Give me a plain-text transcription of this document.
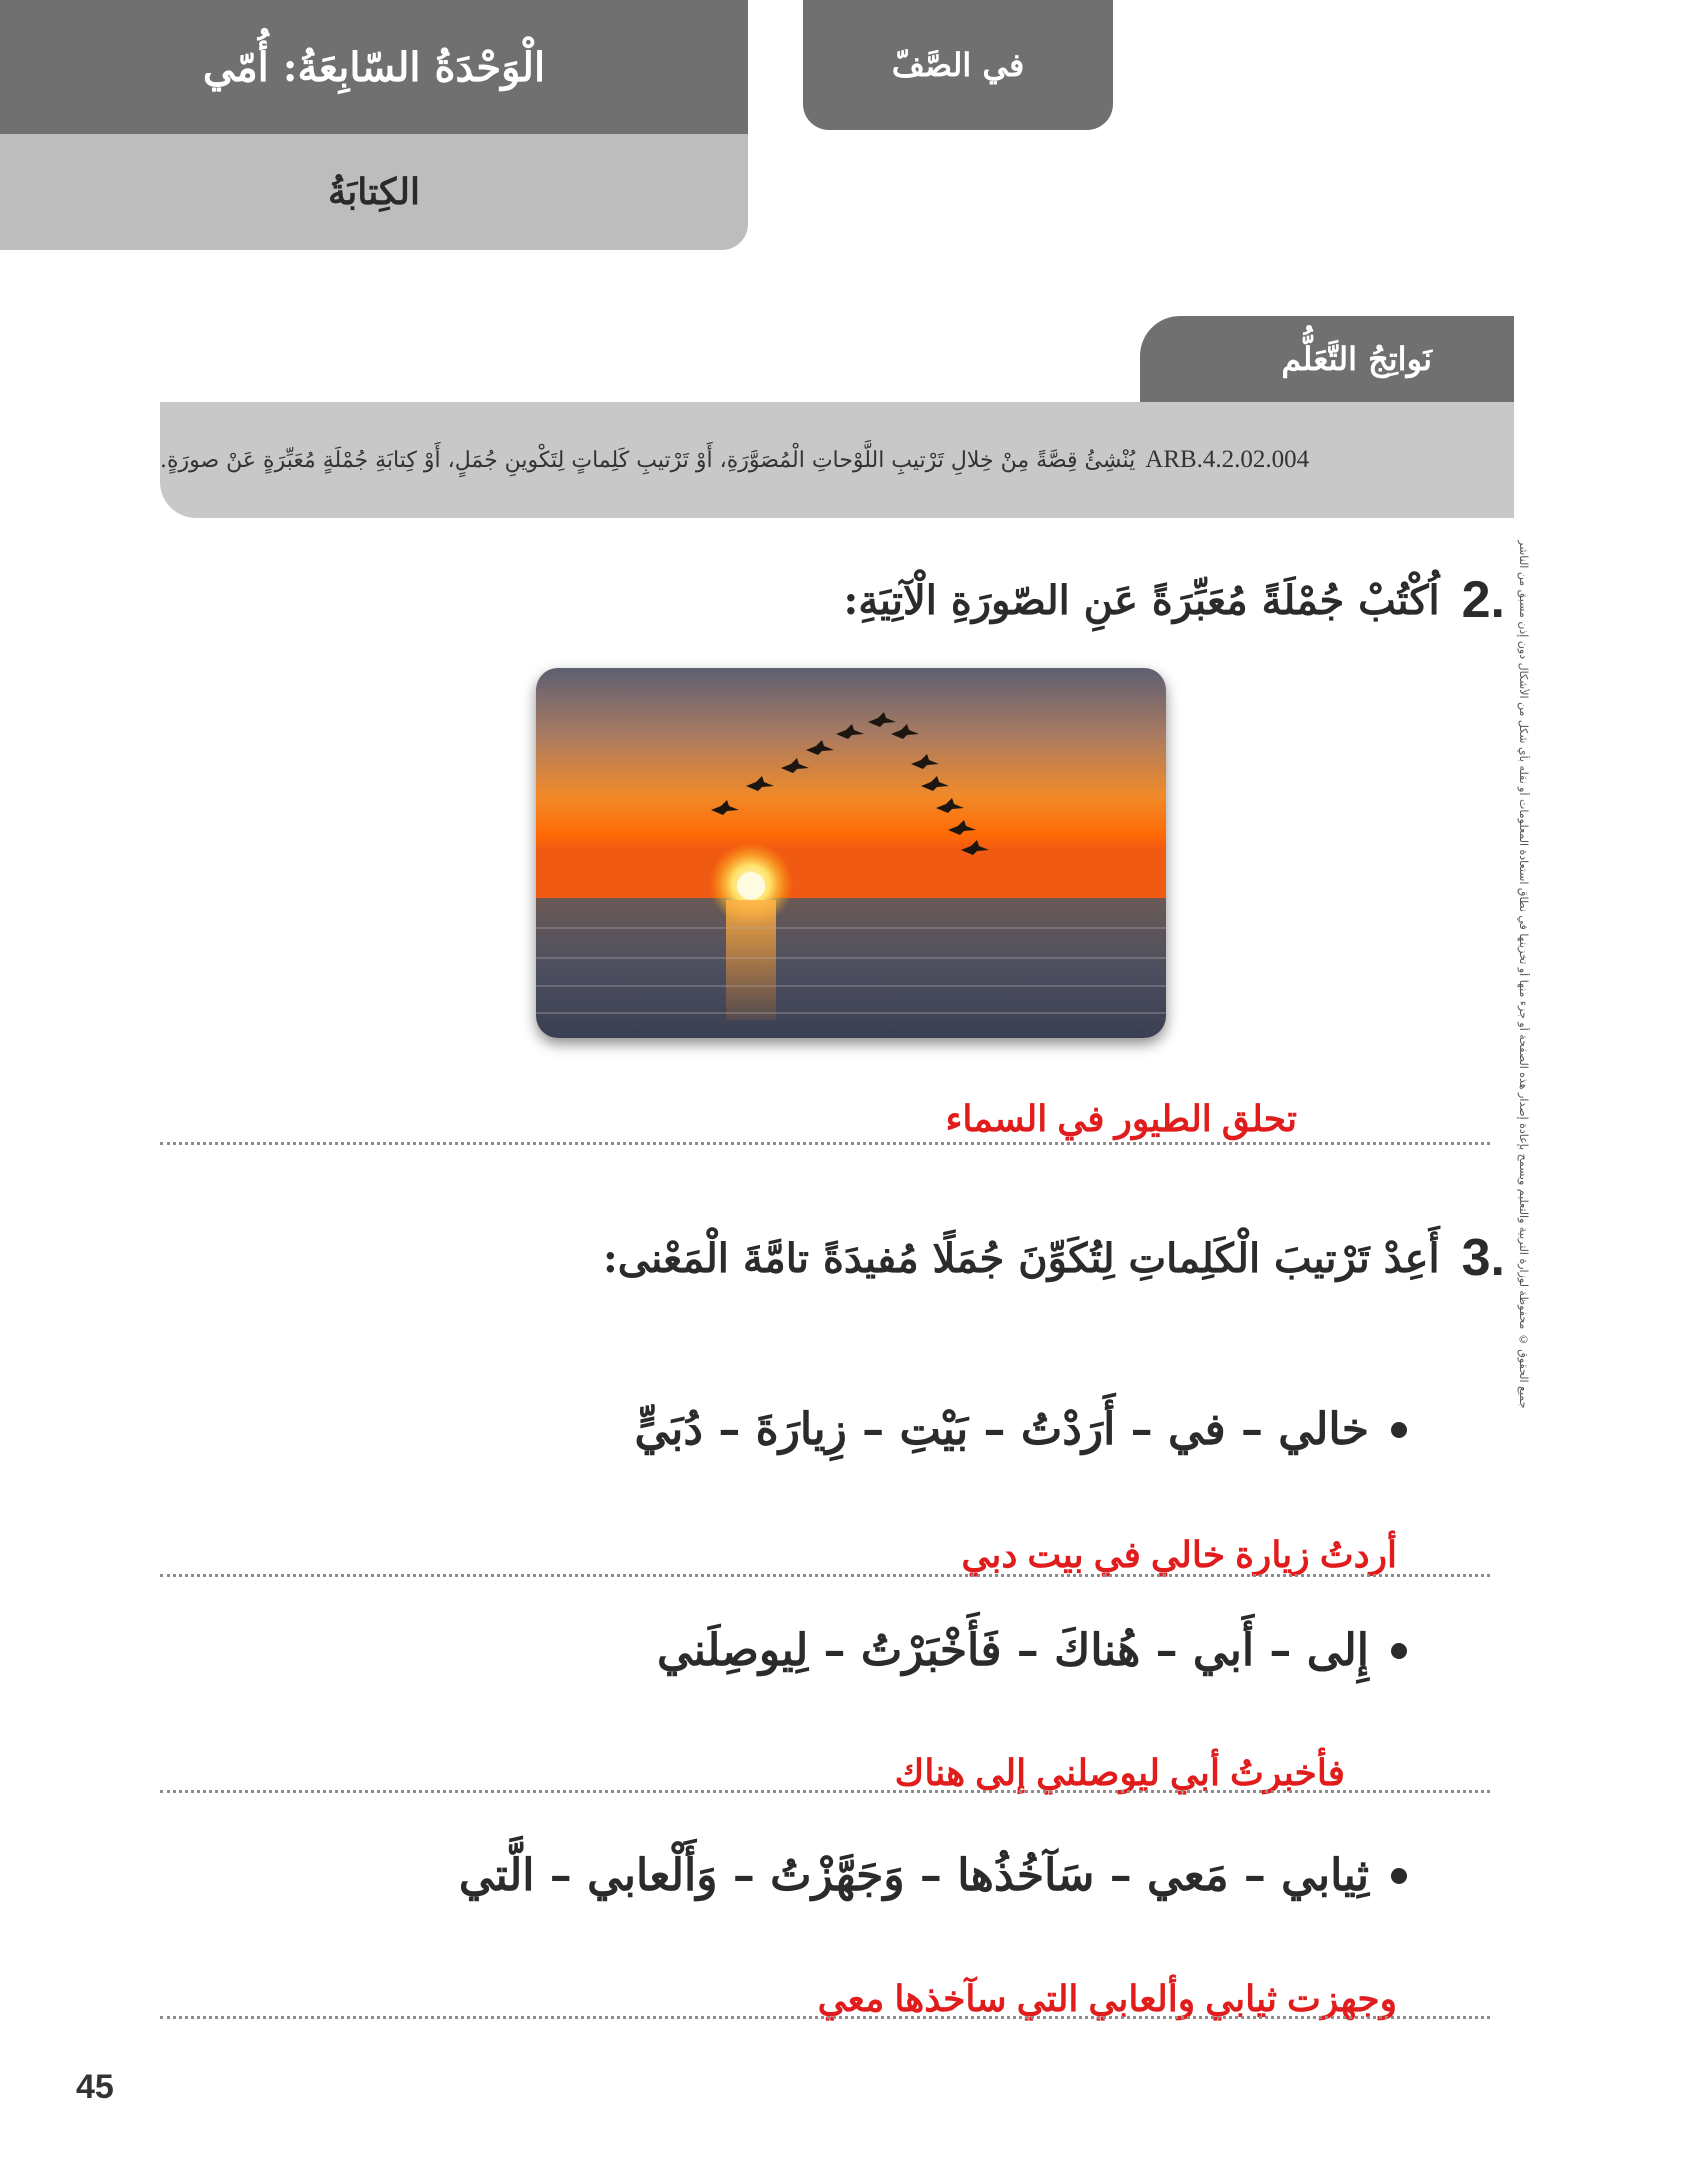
الْوَحْدَةُ السّابِعَةُ: أُمّي
الكِتابَةُ
في الصَّفّ
نَواتِجُ التَّعَلُّم
ARB.4.2.02.004
يُنْشِئُ قِصَّةً مِنْ خِلالِ تَرْتيبِ اللَّوْحاتِ الْمُصَوَّرَةِ، أَوْ تَرْتيبِ كَلِماتٍ لِتَكْوينِ جُمَلٍ، أَوْ كِتابَةِ جُمْلَةٍ مُعَبِّرَةٍ عَنْ صورَةٍ.
جميع الحقوق © محفوظة لوزارة التربية والتعليم ويسمح بإعادة إصدار هذه الصفحة أو جزء منها أو تخزينها في نطاق استعادة المعلومات أو نقله بأي شكل من الأشكال دون إذن مسبق من الناشر
2.
اُكْتُبْ جُمْلَةً مُعَبِّرَةً عَنِ الصّورَةِ الْآتِيَةِ:
تحلق الطيور في السماء
3.
أَعِدْ تَرْتيبَ الْكَلِماتِ لِتُكَوِّنَ جُمَلًا مُفيدَةً تامَّةَ الْمَعْنى:
خالي – في – أَرَدْتُ – بَيْتِ – زِيارَةَ – دُبَيٍّ
أردتُ زيارة خالي في بيت دبي
إِلى – أَبي – هُناكَ – فَأَخْبَرْتُ – لِيوصِلَني
فأخبرتُ أبي ليوصلني إلى هناك
ثِيابي – مَعي – سَآخُذُها – وَجَهَّزْتُ – وَأَلْعابي – الَّتي
وجهزت ثيابي وألعابي التي سآخذها معي
45
